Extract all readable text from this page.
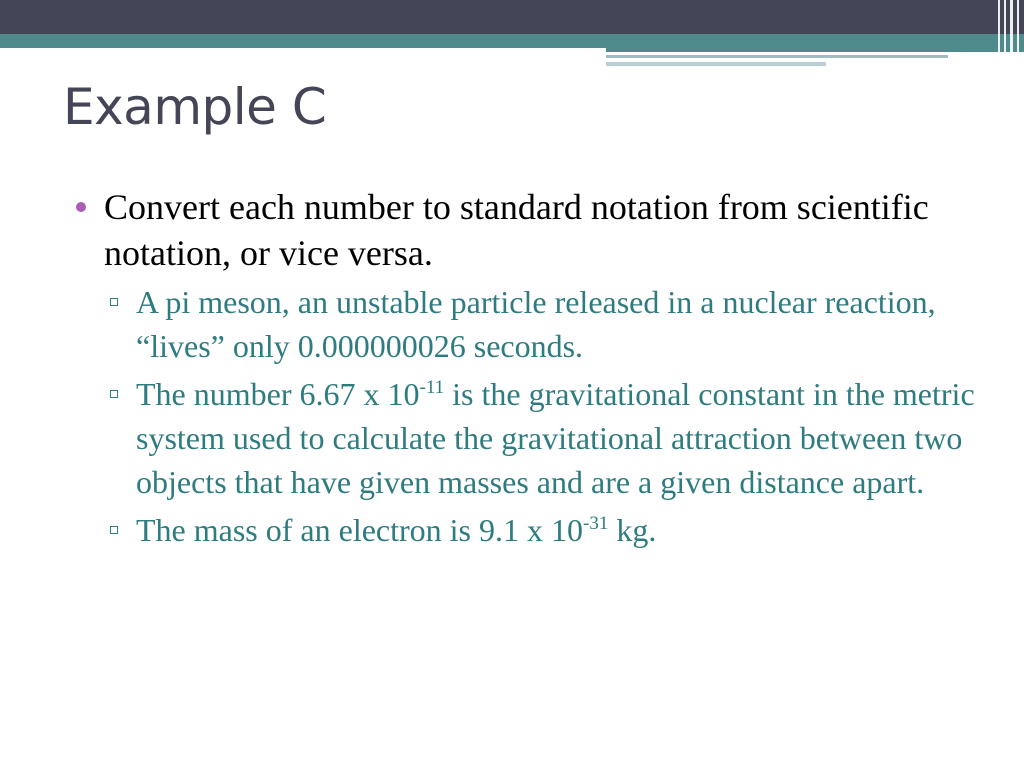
Example C
Convert each number to standard notation from scientific notation, or vice versa.
A pi meson, an unstable particle released in a nuclear reaction, “lives” only 0.000000026 seconds.
The number 6.67 x $10^{-11}$ is the gravitational constant in the metric system used to calculate the gravitational attraction between two objects that have given masses and are a given distance apart.
The mass of an electron is 9.1 x $10^{-31}$ kg.
